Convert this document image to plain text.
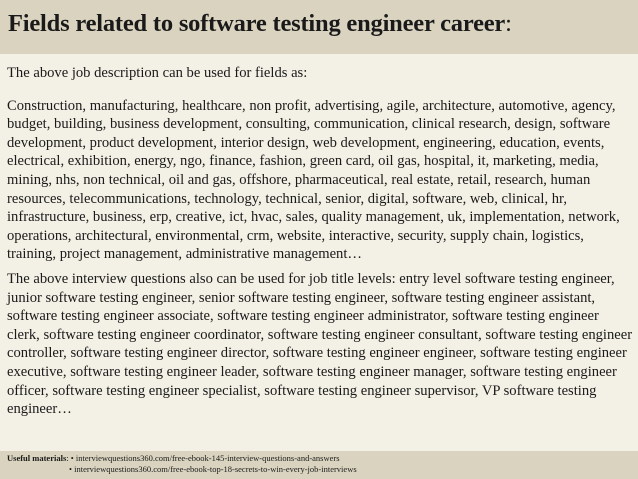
Fields related to software testing engineer career:

The above job description can be used for fields as:

Construction, manufacturing, healthcare, non profit, advertising, agile, architecture, automotive, agency, budget, building, business development, consulting, communication, clinical research, design, software development, product development, interior design, web development, engineering, education, events, electrical, exhibition, energy, ngo, finance, fashion, green card, oil gas, hospital, it, marketing, media, mining, nhs, non technical, oil and gas, offshore, pharmaceutical, real estate, retail, research, human resources, telecommunications, technology, technical, senior, digital, software, web, clinical, hr, infrastructure, business, erp, creative, ict, hvac, sales, quality management, uk, implementation, network, operations, architectural, environmental, crm, website, interactive, security, supply chain, logistics, training, project management, administrative management…

The above interview questions also can be used for job title levels: entry level software testing engineer, junior software testing engineer, senior software testing engineer, software testing engineer assistant, software testing engineer associate, software testing engineer administrator, software testing engineer clerk, software testing engineer coordinator, software testing engineer consultant, software testing engineer controller, software testing engineer director, software testing engineer engineer, software testing engineer executive, software testing engineer leader, software testing engineer manager, software testing engineer officer, software testing engineer specialist, software testing engineer supervisor, VP software testing engineer…

Useful materials: • interviewquestions360.com/free-ebook-145-interview-questions-and-answers
• interviewquestions360.com/free-ebook-top-18-secrets-to-win-every-job-interviews
